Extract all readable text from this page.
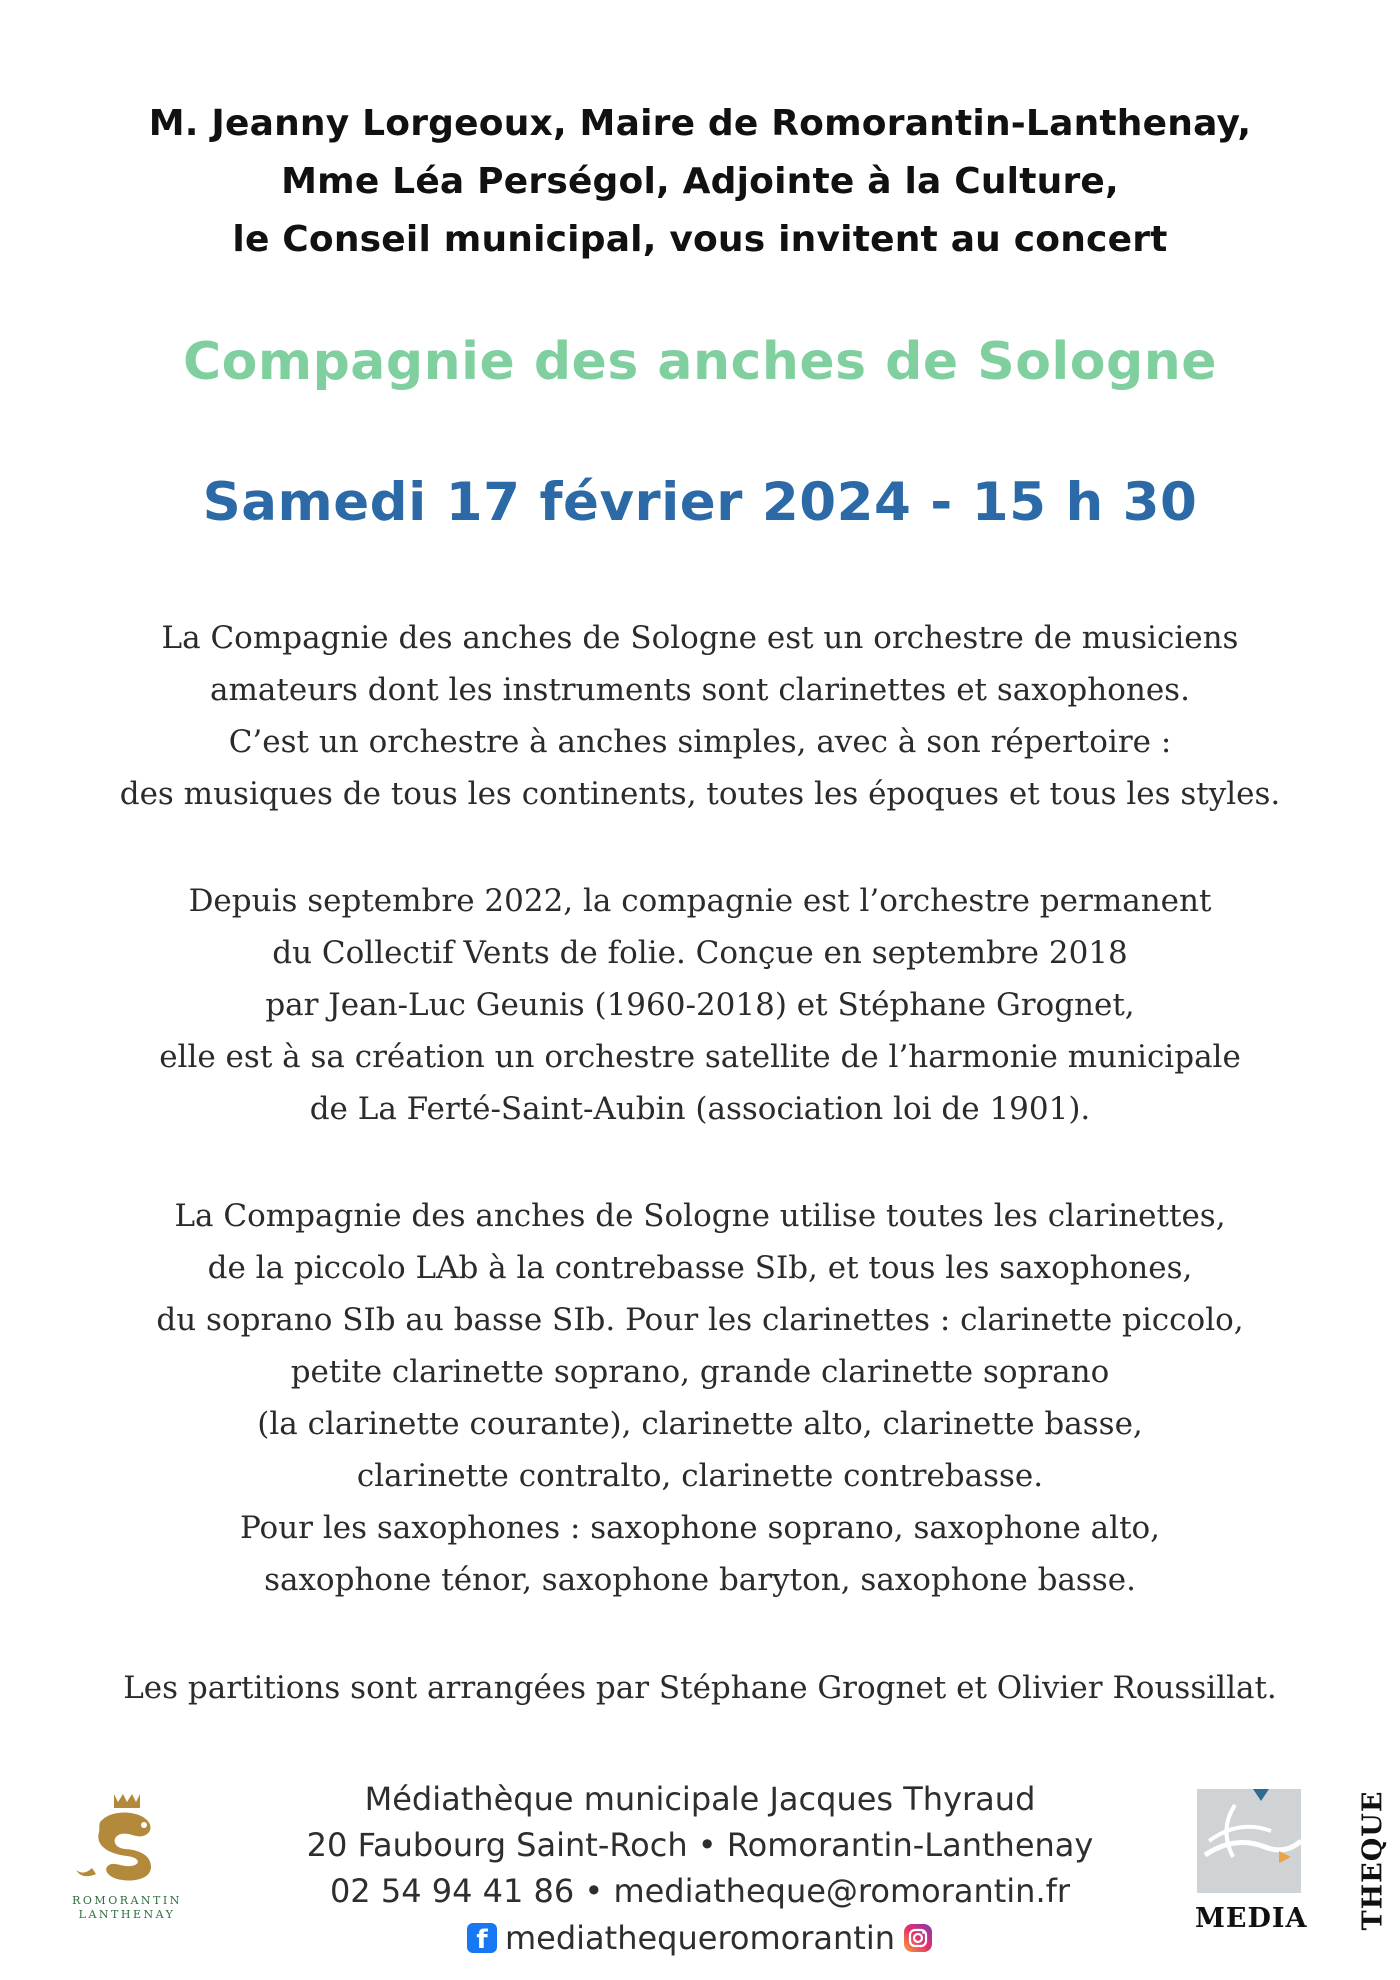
M. Jeanny Lorgeoux, Maire de Romorantin-Lanthenay,
Mme Léa Perségol, Adjointe à la Culture,
le Conseil municipal, vous invitent au concert
Compagnie des anches de Sologne
Samedi 17 février 2024 - 15 h 30
La Compagnie des anches de Sologne est un orchestre de musiciens
amateurs dont les instruments sont clarinettes et saxophones.
C’est un orchestre à anches simples, avec à son répertoire :
des musiques de tous les continents, toutes les époques et tous les styles.
Depuis septembre 2022, la compagnie est l’orchestre permanent
du Collectif Vents de folie. Conçue en septembre 2018
par Jean-Luc Geunis (1960-2018) et Stéphane Grognet,
elle est à sa création un orchestre satellite de l’harmonie municipale
de La Ferté-Saint-Aubin (association loi de 1901).
La Compagnie des anches de Sologne utilise toutes les clarinettes,
de la piccolo LAb à la contrebasse SIb, et tous les saxophones,
du soprano SIb au basse SIb. Pour les clarinettes : clarinette piccolo,
petite clarinette soprano, grande clarinette soprano
(la clarinette courante), clarinette alto, clarinette basse,
clarinette contralto, clarinette contrebasse.
Pour les saxophones : saxophone soprano, saxophone alto,
saxophone ténor, saxophone baryton, saxophone basse.
Les partitions sont arrangées par Stéphane Grognet et Olivier Roussillat.
ROMORANTIN
LANTHENAY
Médiathèque municipale Jacques Thyraud
20 Faubourg Saint-Roch • Romorantin-Lanthenay
02 54 94 41 86 • mediatheque@romorantin.fr
f mediathequeromorantin
MEDIA THEQUE
